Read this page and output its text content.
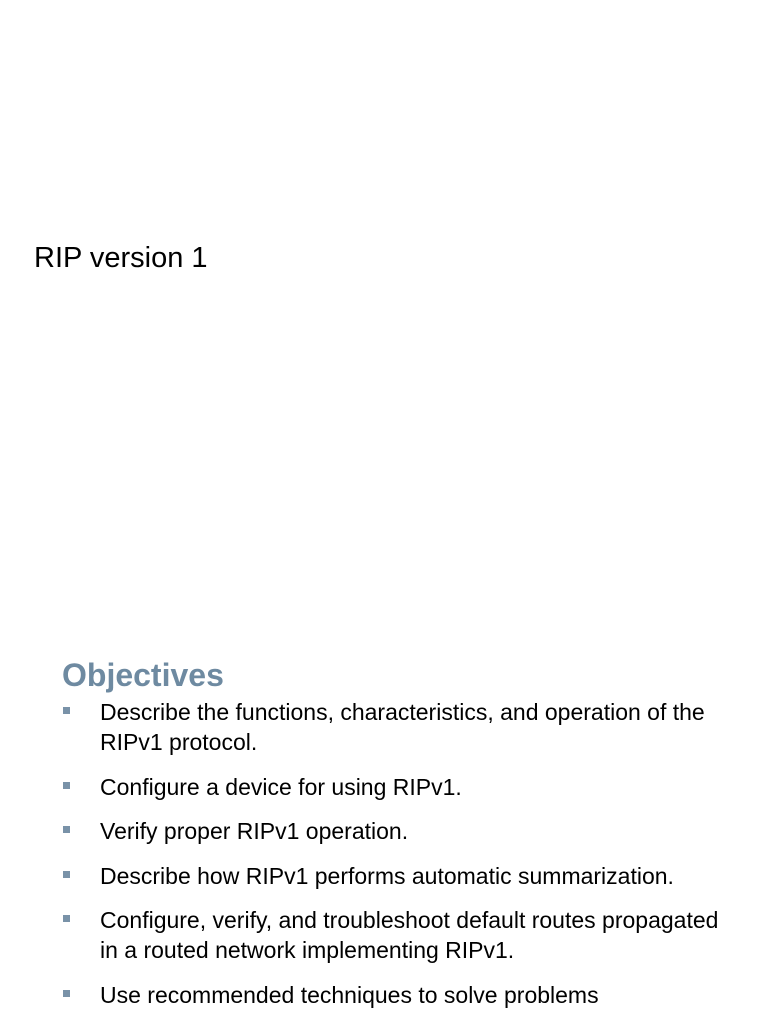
RIP version 1
Objectives
Describe the functions, characteristics, and operation of the RIPv1 protocol.
Configure a device for using RIPv1.
Verify proper RIPv1 operation.
Describe how RIPv1 performs automatic summarization.
Configure, verify, and troubleshoot default routes propagated in a routed network implementing RIPv1.
Use recommended techniques to solve problems
